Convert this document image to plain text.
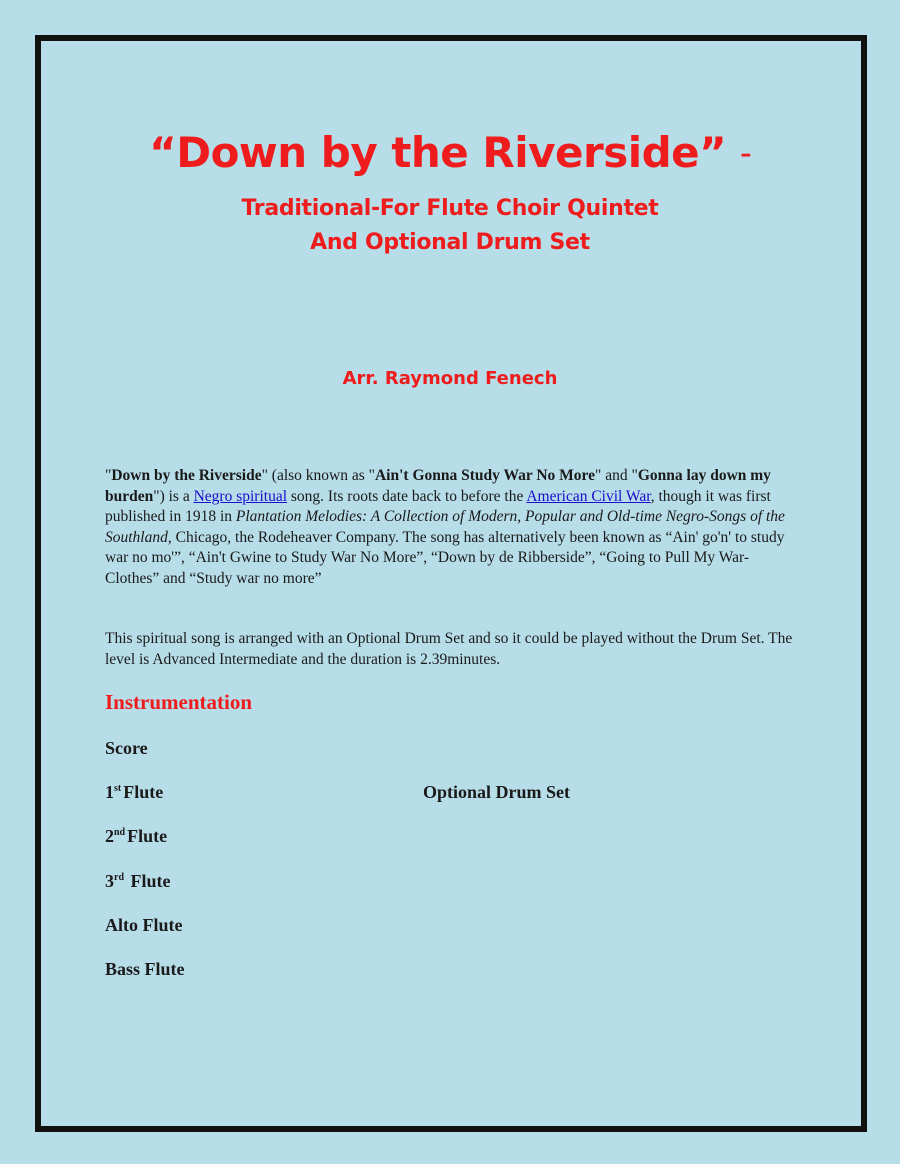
“Down by the Riverside” –
Traditional-For Flute Choir Quintet
And Optional Drum Set
Arr. Raymond Fenech

"Down by the Riverside" (also known as "Ain't Gonna Study War No More" and "Gonna lay down my burden") is a Negro spiritual song. Its roots date back to before the American Civil War, though it was first published in 1918 in Plantation Melodies: A Collection of Modern, Popular and Old-time Negro-Songs of the Southland, Chicago, the Rodeheaver Company. The song has alternatively been known as “Ain' go'n' to study war no mo'”, “Ain't Gwine to Study War No More”, “Down by de Ribberside”, “Going to Pull My War-Clothes” and “Study war no more”

This spiritual song is arranged with an Optional Drum Set and so it could be played without the Drum Set. The level is Advanced Intermediate and the duration is 2.39minutes.

Instrumentation
Score
1st Flute	Optional Drum Set
2nd Flute
3rd Flute
Alto Flute
Bass Flute
